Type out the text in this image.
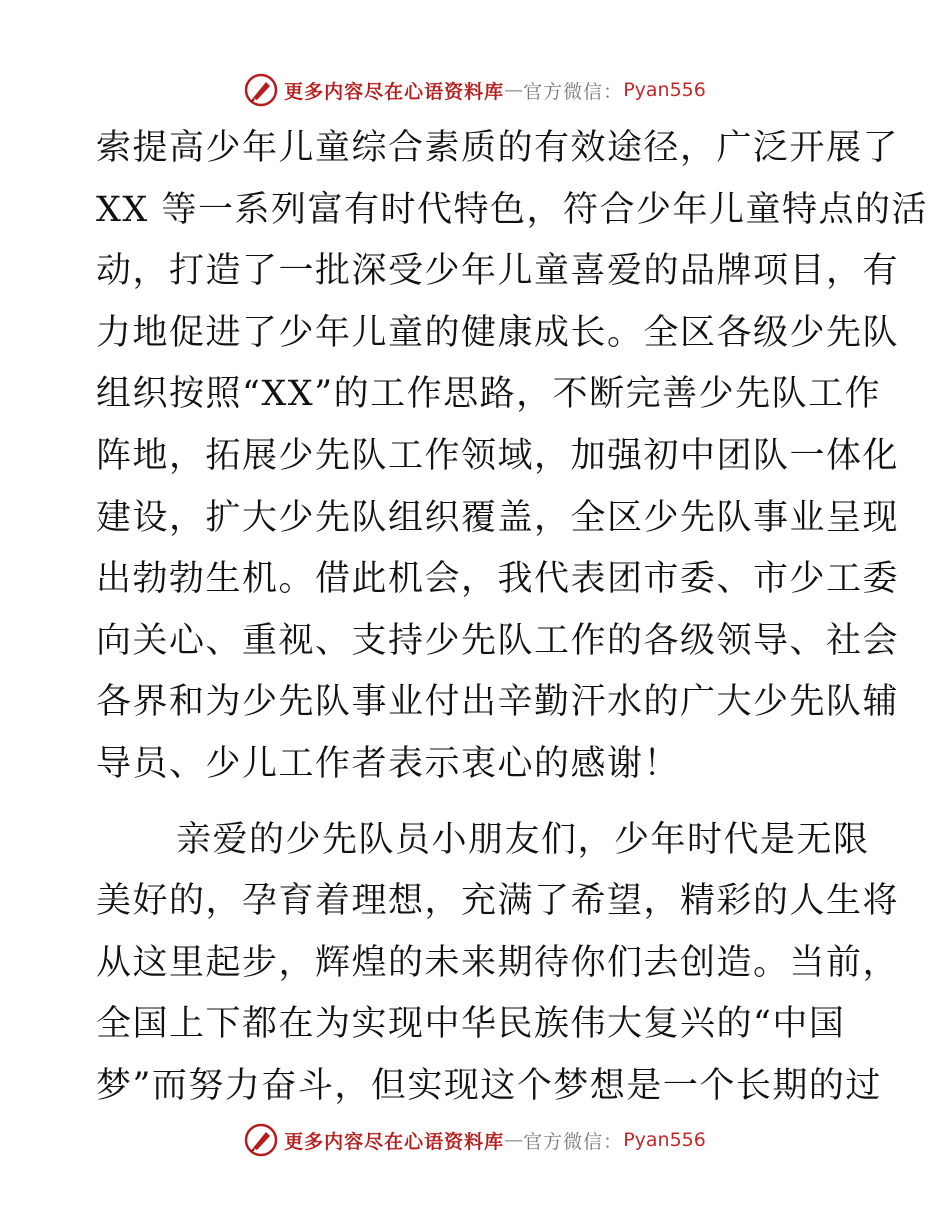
更多内容尽在心语资料库 — 官方微信： Pyan556
索提高少年儿童综合素质的有效途径，广泛开展了
XX 等一系列富有时代特色，符合少年儿童特点的活
动，打造了一批深受少年儿童喜爱的品牌项目，有
力地促进了少年儿童的健康成长。全区各级少先队
组织按照“XX”的工作思路，不断完善少先队工作
阵地，拓展少先队工作领域，加强初中团队一体化
建设，扩大少先队组织覆盖，全区少先队事业呈现
出勃勃生机。借此机会，我代表团市委、市少工委
向关心、重视、支持少先队工作的各级领导、社会
各界和为少先队事业付出辛勤汗水的广大少先队辅
导员、少儿工作者表示衷心的感谢！
亲爱的少先队员小朋友们，少年时代是无限
美好的，孕育着理想，充满了希望，精彩的人生将
从这里起步，辉煌的未来期待你们去创造。当前，
全国上下都在为实现中华民族伟大复兴的“中国
梦”而努力奋斗，但实现这个梦想是一个长期的过
更多内容尽在心语资料库 — 官方微信： Pyan556
